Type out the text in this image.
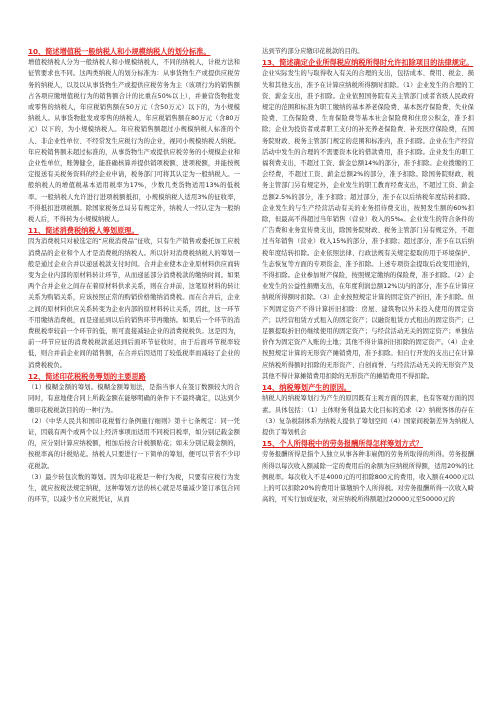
10、简述增值税一般纳税人和小规模纳税人的划分标准。

增值税纳税人分为一般纳税人和小规模纳税人，不同的纳税人，计税方法和征管要求也不同。这两类纳税人的划分标准为：从事货物生产或提供应税劳务的纳税人，以及以从事货物生产或提供应税劳务为主（该项行为的销售额占各项应缴增值税行为的销售额合计的比重在50%以上），并兼营货物批发或零售的纳税人，年应税销售额在50万元（含50万元）以下的，为小规模纳税人。从事货物批发或零售的纳税人，年应税销售额在80万元（含80万元）以下的，为小规模纳税人。年应税销售额超过小规模纳税人标准的个人、非企业性单位、不经常发生应税行为的企业，视同小规模纳税人纳税。年应税销售额未超过标准的，从事货物生产或提供应税劳务的小规模企业和企业性单位，账簿健全，能准确核算并提供销项税额、进项税额，并能按规定报送有关税务资料的经企业申请，税务部门可将其认定为一般纳税人。一般纳税人的增值税基本适用税率为17%，少数几类货物适用13%的低税率。一般纳税人允许进行进项税额抵扣，小规模纳税人适用3%的征收率，不得抵扣进项税额。除国家税务总局另有规定外，纳税人一经认定为一般纳税人后，不得转为小规模纳税人。

11、简述消费税纳税人筹划原理。

因为消费税只对被选定的“应税消费品”征收，只有生产销售或委托加工应税消费品的企业和个人才是消费税的纳税人。所以针对消费税纳税人的筹划一般是通过企业合并以递延税款支付时间。合并企业使本企业原材料供应商转变为企业内部的原材料转让环节，从而递延部分消费税款的缴纳时间。如果两个合并企业之间存在着原材料供求关系，则在合并前，这笔原材料的转让关系为购销关系，应该按照正常的购销价格缴纳消费税。而在合并后，企业之间的原材料供应关系转变为企业内部的原材料转让关系，因此，这一环节不用缴纳消费税，而是递延到以后的销售环节再缴纳。如果后一个环节的消费税税率较前一个环节的低，则可直接减轻企业的消费税税负。这是因为，前一环节应征的消费税税款延迟到后面环节征收时，由于后面环节税率较低，则合并前企业间的销售额，在合并后因适用了较低税率而减轻了企业的消费税税负。

12、简述印花税税务筹划的主要思路

（1）模糊金额的筹划。模糊金额筹划法，是指当事人在签订数额较大的合同时，有意地使合同上所载金额在能够明确的条件下不最终确定，以达到少缴印花税税款目的的一种行为。

（2）《中华人民共和国印花税暂行条例施行细则》第十七条规定：同一凭证，因载有两个或两个以上经济事项而适用不同税目税率，如分别记载金额的，应分别计算应纳税额，相加后按合计税额贴花；如未分别记载金额的，按税率高的计税贴花。纳税人只要进行一下简单的筹划，便可以节省不少印花税款。

（3）最少转包次数的筹划。因为印花税是一种行为税，只要有应税行为发生，就应按税法规定纳税，这种筹划方法的核心就是尽量减少签订承包合同的环节，以减少书立应税凭证，从而

达到节约部分应缴印花税款的目的。

13、简述确定企业所得税应纳税所得时允许扣除项目的法律规定。

企业实际发生的与取得收入有关的合理的支出，包括成本、费用、税金、损失和其他支出，准予在计算应纳税所得额时扣除。（1）企业发生的合理的工资、薪金支出，准予扣除。企业依照国务院有关主管部门或者省级人民政府规定的范围和标准为职工缴纳的基本养老保险费、基本医疗保险费、失业保险费、工伤保险费、生育保险费等基本社会保险费和住房公积金，准予扣除；企业为投资者或者职工支付的补充养老保险费、补充医疗保险费，在国务院财政、税务主管部门规定的范围和标准内，准予扣除。企业在生产经营活动中发生的合理的不需要资本化的借款费用，准予扣除。企业发生的职工福利费支出，不超过工资、薪金总额14%的部分，准予扣除。企业拨缴的工会经费，不超过工资、薪金总额2%的部分，准予扣除。除国务院财政、税务主管部门另有规定外，企业发生的职工教育经费支出，不超过工资、薪金总额2.5%的部分，准予扣除；超过部分，准予在以后纳税年度结转扣除。企业发生的与生产经营活动有关的业务招待费支出，按照发生额的60%扣除，但最高不得超过当年销售（营业）收入的5‰。企业发生的符合条件的广告费和业务宣传费支出，除国务院财政、税务主管部门另有规定外，不超过当年销售（营业）收入15%的部分，准予扣除；超过部分，准予在以后纳税年度结转扣除。企业依照法律、行政法规有关规定提取的用于环境保护、生态恢复等方面的专项资金，准予扣除。上述专项资金提取后改变用途的，不得扣除。企业参加财产保险，按照规定缴纳的保险费，准予扣除。（2）企业发生的公益性捐赠支出，在年度利润总额12%以内的部分，准予在计算应纳税所得额时扣除。（3）企业按照规定计算的固定资产折旧，准予扣除。但下列固定资产不得计算折旧扣除：房屋、建筑物以外未投入使用的固定资产；以经营租赁方式租入的固定资产；以融资租赁方式租出的固定资产；已足额提取折旧仍继续使用的固定资产；与经营活动无关的固定资产；单独估价作为固定资产入账的土地；其他不得计算折旧扣除的固定资产。（4）企业按照规定计算的无形资产摊销费用，准予扣除。但自行开发的支出已在计算应纳税所得额时扣除的无形资产、自创商誉、与经营活动无关的无形资产及其他不得计算摊销费用扣除的无形资产的摊销费用不得扣除。

14、纳税筹划产生的原因。

纳税人的纳税筹划行为产生的原因既有主观方面的因素，也有客观方面的因素。具体包括：（1）主体财务利益最大化目标的追求（2）纳税客体的存在（3）复杂税制体系为纳税人提供了筹划空间（4）国家间税制差异为纳税人提供了筹划机会

15、个人所得税中的劳务报酬所得怎样筹划方式？

劳务报酬所得是指个人独立从事各种非雇佣的劳务所取得的所得。劳务报酬所得以每次收入额减除一定的费用后的余额为应纳税所得额，适用20%的比例税率。每次收入不足4000元的可扣除800元的费用，收入额在4000元以上的可以扣除20%的费用计算缴纳个人所得税。对劳务报酬所得一次收入畸高的，可实行加成征收，对应纳税所得额超过20000元至50000元的
